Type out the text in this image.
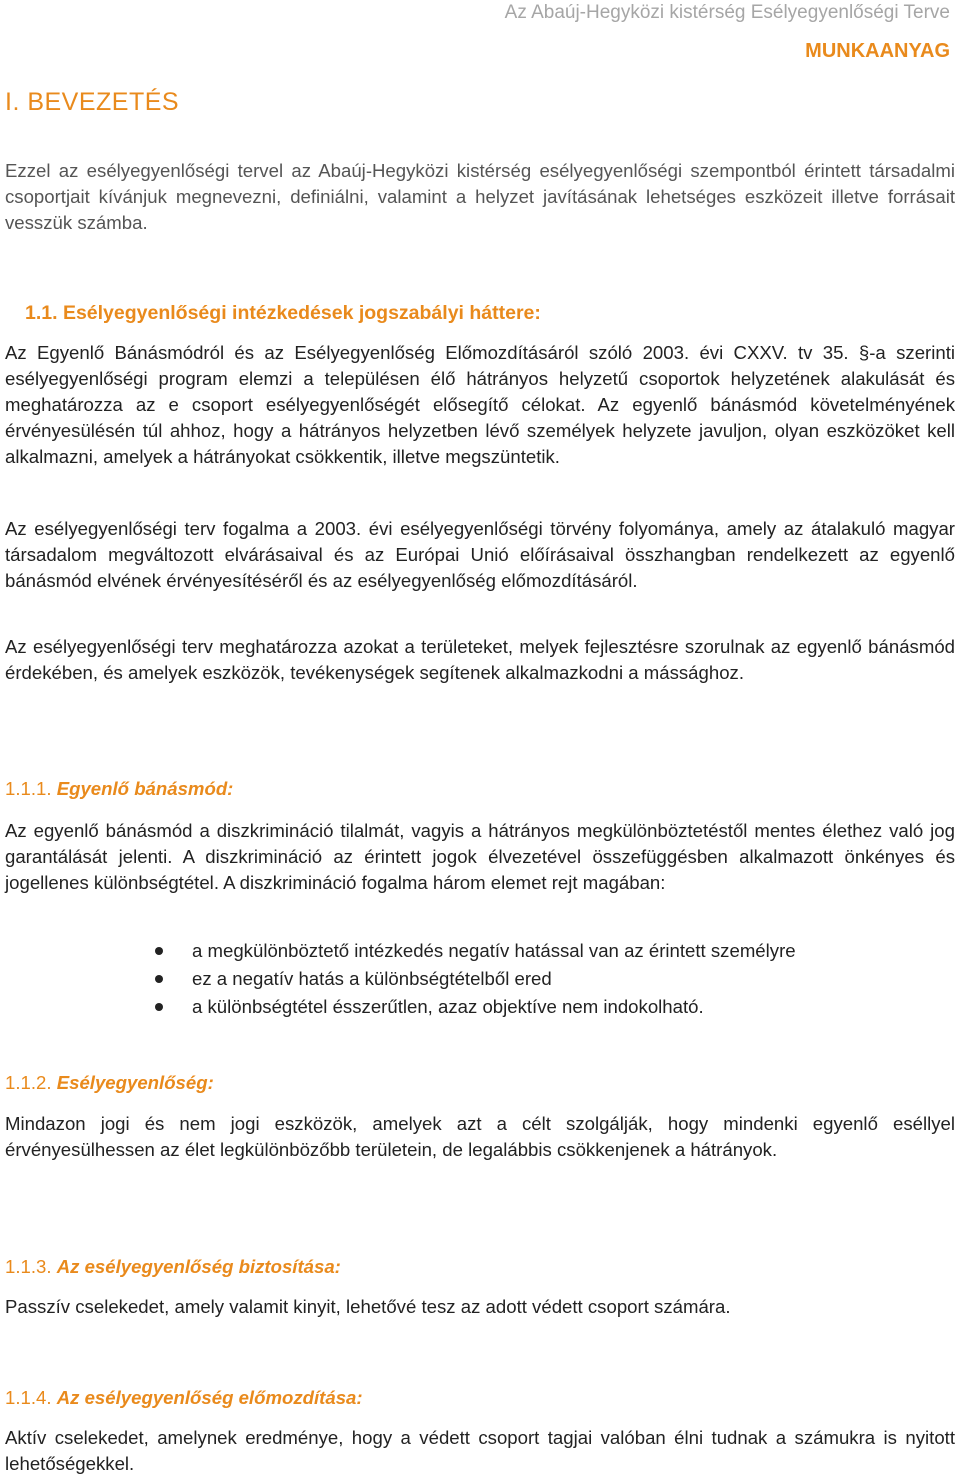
Az Abaúj-Hegyközi kistérség Esélyegyenlőségi Terve
MUNKAANYAG
I. BEVEZETÉS

Ezzel az esélyegyenlőségi tervel az Abaúj-Hegyközi kistérség esélyegyenlőségi szempontból érintett társadalmi csoportjait kívánjuk megnevezni, definiálni, valamint a helyzet javításának lehetséges eszközeit illetve forrásait vesszük számba.

1.1. Esélyegyenlőségi intézkedések jogszabályi háttere:

Az Egyenlő Bánásmódról és az Esélyegyenlőség Előmozdításáról szóló 2003. évi CXXV. tv 35. §-a szerinti esélyegyenlőségi program elemzi a településen élő hátrányos helyzetű csoportok helyzetének alakulását és meghatározza az e csoport esélyegyenlőségét elősegítő célokat. Az egyenlő bánásmód követelményének érvényesülésén túl ahhoz, hogy a hátrányos helyzetben lévő személyek helyzete javuljon, olyan eszközöket kell alkalmazni, amelyek a hátrányokat csökkentik, illetve megszüntetik.

Az esélyegyenlőségi terv fogalma a 2003. évi esélyegyenlőségi törvény folyománya, amely az átalakuló magyar társadalom megváltozott elvárásaival és az Európai Unió előírásaival összhangban rendelkezett az egyenlő bánásmód elvének érvényesítéséről és az esélyegyenlőség előmozdításáról.

Az esélyegyenlőségi terv meghatározza azokat a területeket, melyek fejlesztésre szorulnak az egyenlő bánásmód érdekében, és amelyek eszközök, tevékenységek segítenek alkalmazkodni a mássághoz.

1.1.1. Egyenlő bánásmód:

Az egyenlő bánásmód a diszkrimináció tilalmát, vagyis a hátrányos megkülönböztetéstől mentes élethez való jog garantálását jelenti. A diszkrimináció az érintett jogok élvezetével összefüggésben alkalmazott önkényes és jogellenes különbségtétel. A diszkrimináció fogalma három elemet rejt magában:

a megkülönböztető intézkedés negatív hatással van az érintett személyre
ez a negatív hatás a különbségtételből ered
a különbségtétel ésszerűtlen, azaz objektíve nem indokolható.
1.1.2. Esélyegyenlőség:

Mindazon jogi és nem jogi eszközök, amelyek azt a célt szolgálják, hogy mindenki egyenlő eséllyel érvényesülhessen az élet legkülönbözőbb területein, de legalábbis csökkenjenek a hátrányok.

1.1.3. Az esélyegyenlőség biztosítása:

Passzív cselekedet, amely valamit kinyit, lehetővé tesz az adott védett csoport számára.

1.1.4. Az esélyegyenlőség előmozdítása:

Aktív cselekedet, amelynek eredménye, hogy a védett csoport tagjai valóban élni tudnak a számukra is nyitott lehetőségekkel.
